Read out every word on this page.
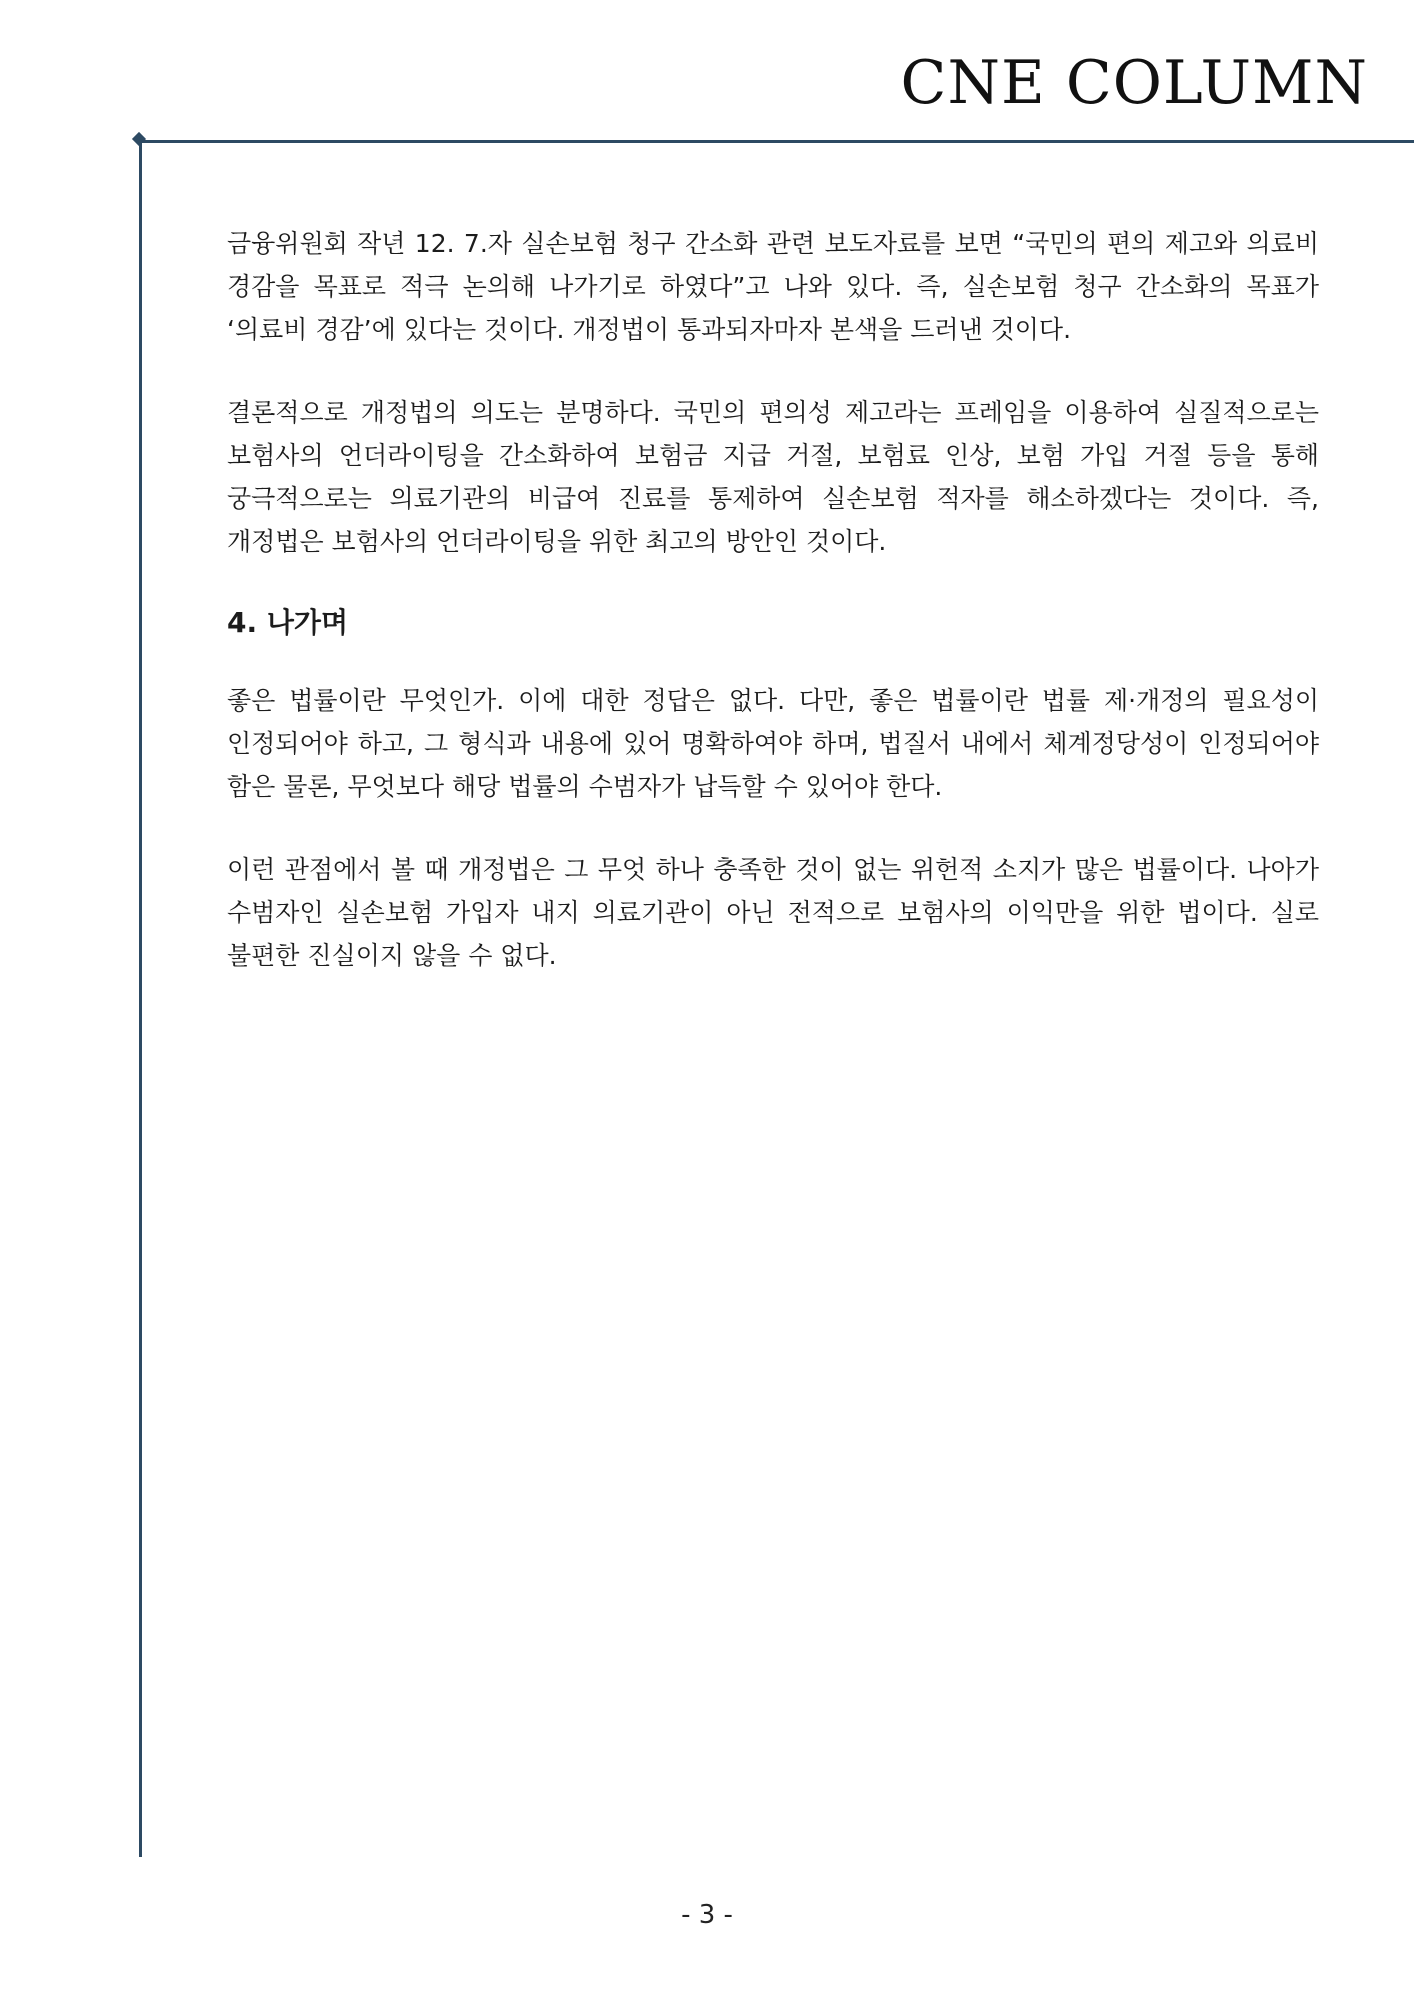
CNE COLUMN

금융위원회 작년 12. 7.자 실손보험 청구 간소화 관련 보도자료를 보면 “국민의 편의 제고와 의료비 경감을 목표로 적극 논의해 나가기로 하였다”고 나와 있다. 즉, 실손보험 청구 간소화의 목표가 ‘의료비 경감’에 있다는 것이다. 개정법이 통과되자마자 본색을 드러낸 것이다.

결론적으로 개정법의 의도는 분명하다. 국민의 편의성 제고라는 프레임을 이용하여 실질적으로는 보험사의 언더라이팅을 간소화하여 보험금 지급 거절, 보험료 인상, 보험 가입 거절 등을 통해 궁극적으로는 의료기관의 비급여 진료를 통제하여 실손보험 적자를 해소하겠다는 것이다. 즉, 개정법은 보험사의 언더라이팅을 위한 최고의 방안인 것이다.

4. 나가며

좋은 법률이란 무엇인가. 이에 대한 정답은 없다. 다만, 좋은 법률이란 법률 제·개정의 필요성이 인정되어야 하고, 그 형식과 내용에 있어 명확하여야 하며, 법질서 내에서 체계정당성이 인정되어야 함은 물론, 무엇보다 해당 법률의 수범자가 납득할 수 있어야 한다.

이런 관점에서 볼 때 개정법은 그 무엇 하나 충족한 것이 없는 위헌적 소지가 많은 법률이다. 나아가 수범자인 실손보험 가입자 내지 의료기관이 아닌 전적으로 보험사의 이익만을 위한 법이다. 실로 불편한 진실이지 않을 수 없다.

- 3 -
